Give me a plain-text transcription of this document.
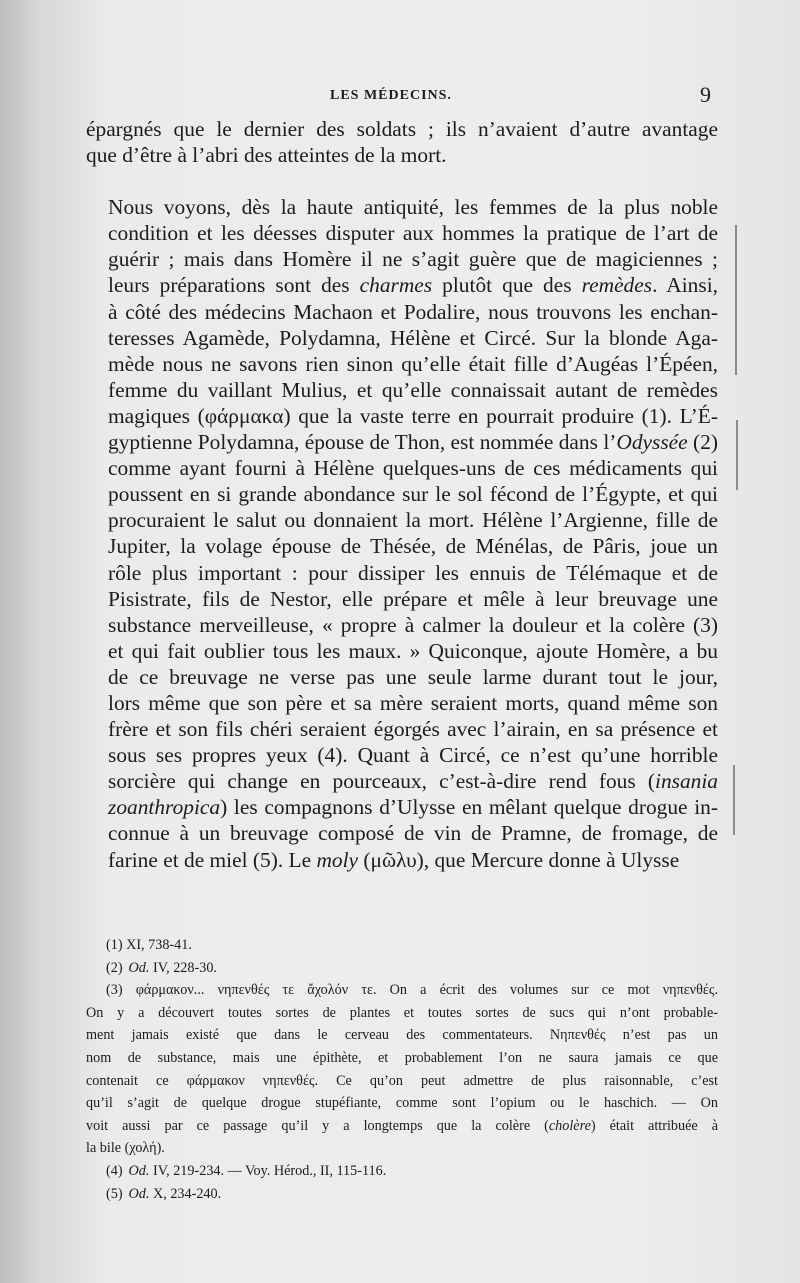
LES MÉDECINS.	9

épargnés que le dernier des soldats ; ils n’avaient d’autre avantage
que d’être à l’abri des atteintes de la mort.

Nous voyons, dès la haute antiquité, les femmes de la plus noble
condition et les déesses disputer aux hommes la pratique de l’art de
guérir ; mais dans Homère il ne s’agit guère que de magiciennes ;
leurs préparations sont des charmes plutôt que des remèdes. Ainsi,
à côté des médecins Machaon et Podalire, nous trouvons les enchan-
teresses Agamède, Polydamna, Hélène et Circé. Sur la blonde Aga-
mède nous ne savons rien sinon qu’elle était fille d’Augéas l’Épéen,
femme du vaillant Mulius, et qu’elle connaissait autant de remèdes
magiques (φάρμακα) que la vaste terre en pourrait produire (1). L’É-
gyptienne Polydamna, épouse de Thon, est nommée dans l’Odyssée (2)
comme ayant fourni à Hélène quelques-uns de ces médicaments qui
poussent en si grande abondance sur le sol fécond de l’Égypte, et qui
procuraient le salut ou donnaient la mort. Hélène l’Argienne, fille de
Jupiter, la volage épouse de Thésée, de Ménélas, de Pâris, joue un
rôle plus important : pour dissiper les ennuis de Télémaque et de
Pisistrate, fils de Nestor, elle prépare et mêle à leur breuvage une
substance merveilleuse, « propre à calmer la douleur et la colère (3)
et qui fait oublier tous les maux. » Quiconque, ajoute Homère, a bu
de ce breuvage ne verse pas une seule larme durant tout le jour,
lors même que son père et sa mère seraient morts, quand même son
frère et son fils chéri seraient égorgés avec l’airain, en sa présence et
sous ses propres yeux (4). Quant à Circé, ce n’est qu’une horrible
sorcière qui change en pourceaux, c’est-à-dire rend fous (insania
zoanthropica) les compagnons d’Ulysse en mêlant quelque drogue in-
connue à un breuvage composé de vin de Pramne, de fromage, de
farine et de miel (5). Le moly (μῶλυ), que Mercure donne à Ulysse

(1) XI, 738-41.
(2) Od. IV, 228-30.
(3) φάρμακον... νηπενθές τε ἄχολόν τε. On a écrit des volumes sur ce mot νηπενθές.
On y a découvert toutes sortes de plantes et toutes sortes de sucs qui n’ont probable-
ment jamais existé que dans le cerveau des commentateurs. Νηπενθές n’est pas un
nom de substance, mais une épithète, et probablement l’on ne saura jamais ce que
contenait ce φάρμακον νηπενθές. Ce qu’on peut admettre de plus raisonnable, c’est
qu’il s’agit de quelque drogue stupéfiante, comme sont l’opium ou le haschich. — On
voit aussi par ce passage qu’il y a longtemps que la colère (cholère) était attribuée à
la bile (χολή).
(4) Od. IV, 219-234. — Voy. Hérod., II, 115-116.
(5) Od. X, 234-240.
